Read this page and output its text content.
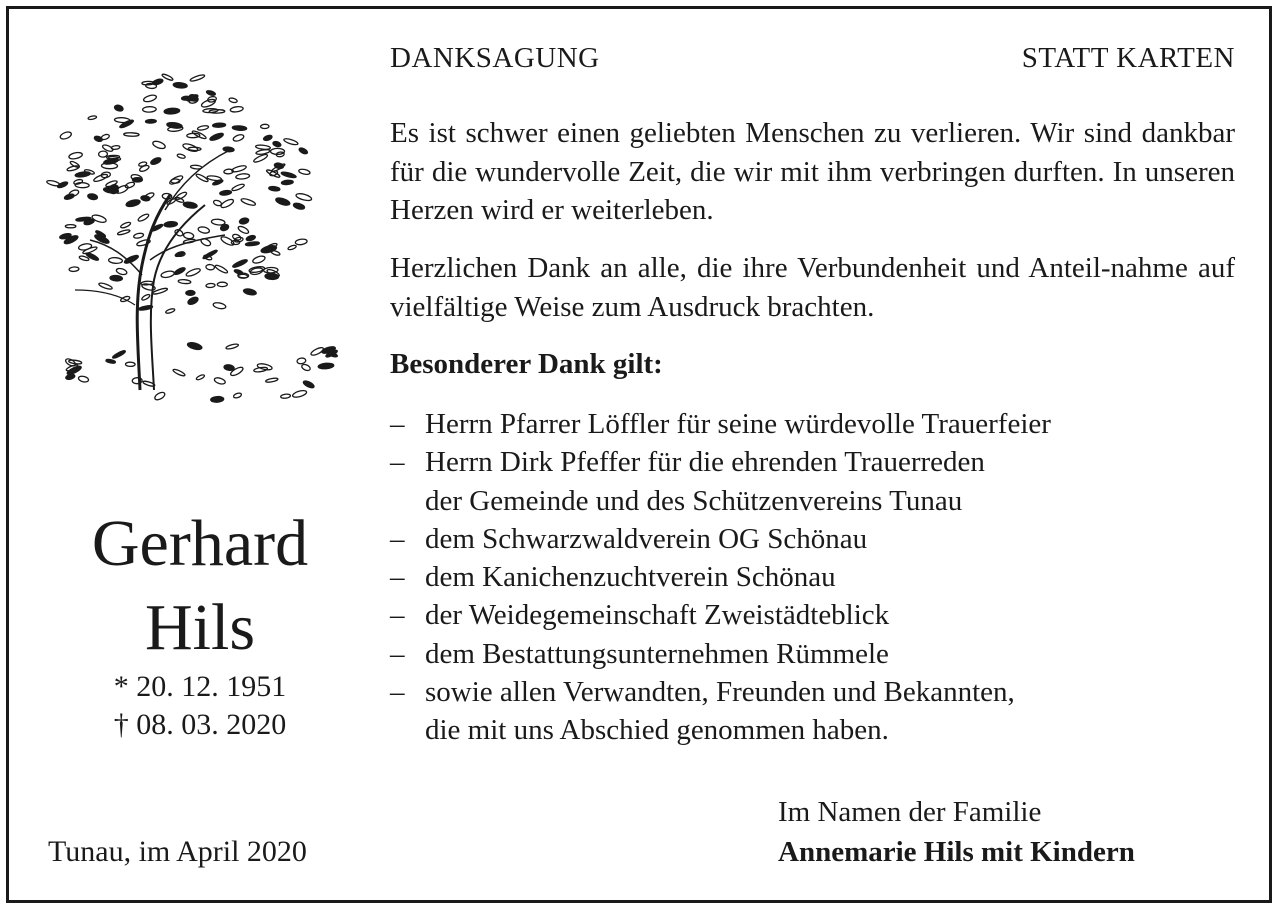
Gerhard
Hils
* 20. 12. 1951
† 08. 03. 2020
Tunau, im April 2020
DANKSAGUNG	STATT KARTEN
Es ist schwer einen geliebten Menschen zu verlieren. Wir sind dankbar für die wundervolle Zeit, die wir mit ihm verbringen durften. In unseren Herzen wird er weiterleben.
Herzlichen Dank an alle, die ihre Verbundenheit und Anteil-nahme auf vielfältige Weise zum Ausdruck brachten.
Besonderer Dank gilt:
– Herrn Pfarrer Löffler für seine würdevolle Trauerfeier
– Herrn Dirk Pfeffer für die ehrenden Trauerreden
der Gemeinde und des Schützenvereins Tunau
– dem Schwarzwaldverein OG Schönau
– dem Kanichenzuchtverein Schönau
– der Weidegemeinschaft Zweistädteblick
– dem Bestattungsunternehmen Rümmele
– sowie allen Verwandten, Freunden und Bekannten,
die mit uns Abschied genommen haben.
Im Namen der Familie
Annemarie Hils mit Kindern
